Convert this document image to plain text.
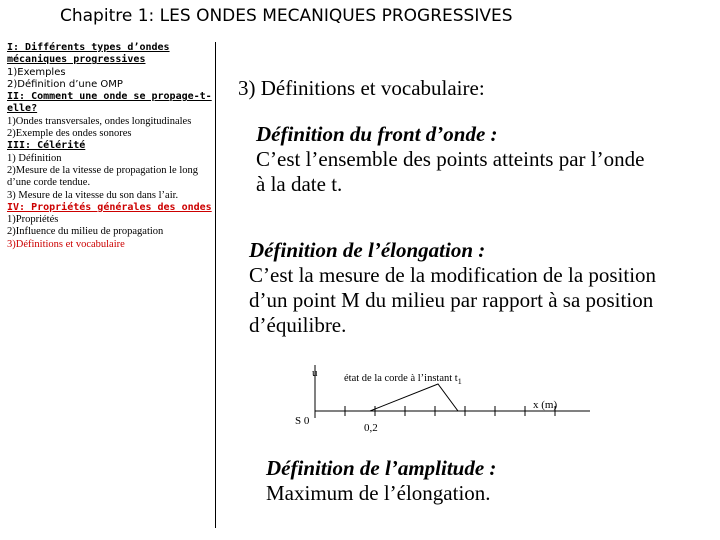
Chapitre 1: LES ONDES MECANIQUES PROGRESSIVES
I: Différents types d’ondes mécaniques progressives
1)Exemples
2)Définition d’une OMP
II: Comment une onde se propage-t-elle?
1)Ondes transversales, ondes longitudinales
2)Exemple des ondes sonores
III: Célérité
1) Définition
2)Mesure de la vitesse de propagation le long d’une corde tendue.
3) Mesure de la vitesse du son dans l’air.
IV: Propriétés générales des ondes
1)Propriétés
2)Influence du milieu de propagation
3)Définitions et vocabulaire
3) Définitions et vocabulaire:
Définition du front d’onde :
C’est l’ensemble des points atteints par l’onde à la date t.
Définition de l’élongation :
C’est la mesure de la modification de la position d’un point M du milieu par rapport à sa position d’équilibre.
u	état de la corde à l’instant $t_1$
x (m)
S 0
0,2
Définition de l’amplitude :
Maximum de l’élongation.
